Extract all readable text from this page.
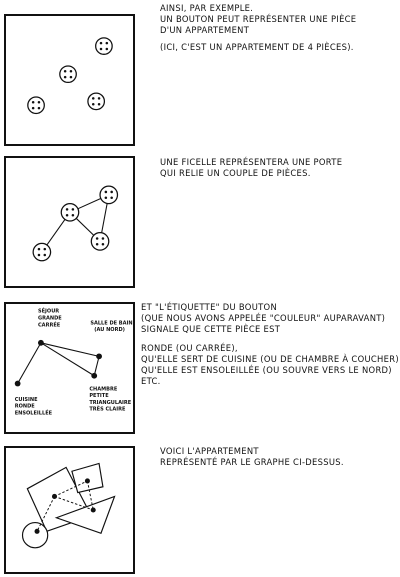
AINSI, PAR EXEMPLE.
UN BOUTON PEUT REPRÉSENTER UNE PIÈCE
D'UN APPARTEMENT
(ICI, C'EST UN APPARTEMENT DE 4 PIÈCES).
UNE FICELLE REPRÉSENTERA UNE PORTE
QUI RELIE UN COUPLE DE PIÈCES.
SÉJOUR GRANDE CARRÉE	SALLE DE BAIN (AU NORD)
CUISINE RONDE ENSOLEILLÉE
CHAMBRE PETITE TRIANGULAIRE TRÈS CLAIRE
ET "L'ÉTIQUETTE" DU BOUTON
(QUE NOUS AVONS APPELÉE "COULEUR" AUPARAVANT)
SIGNALE QUE CETTE PIÈCE EST
RONDE (OU CARRÉE),
QU'ELLE SERT DE CUISINE (OU DE CHAMBRE À COUCHER)
QU'ELLE EST ENSOLEILLÉE (OU SOUVRE VERS LE NORD)
ETC.
VOICI L'APPARTEMENT
REPRÉSENTÉ PAR LE GRAPHE CI-DESSUS.
